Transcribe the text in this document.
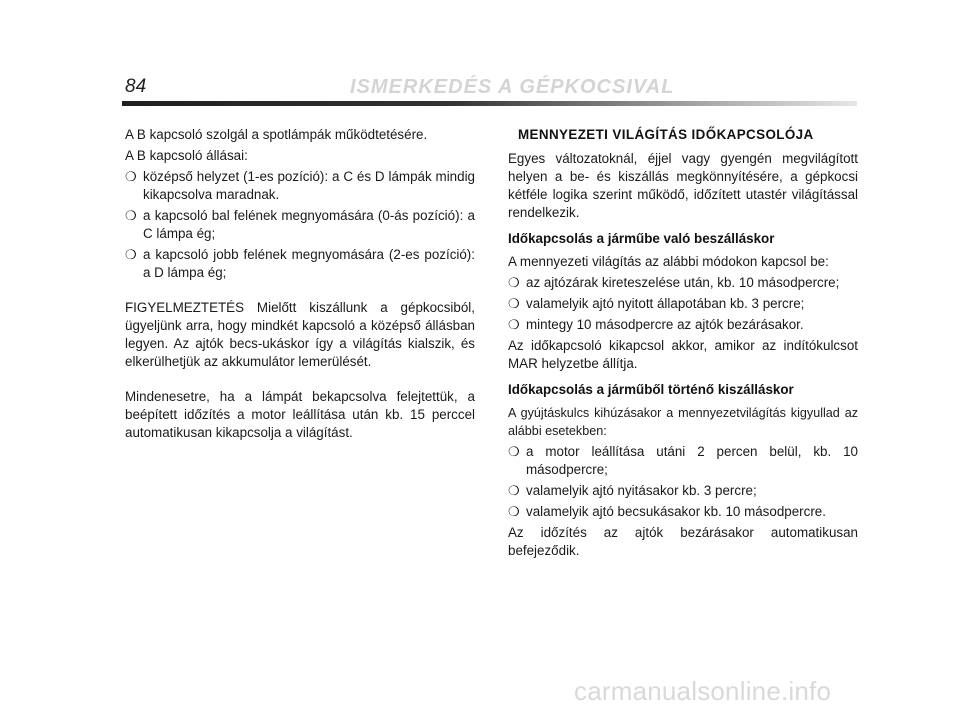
84	ISMERKEDÉS A GÉPKOCSIVAL

A B kapcsoló szolgál a spotlámpák működtetésére.

A B kapcsoló állásai:

❍ középső helyzet (1-es pozíció): a C és D lámpák mindig kikapcsolva maradnak.
❍ a kapcsoló bal felének megnyomására (0-ás pozíció): a C lámpa ég;
❍ a kapcsoló jobb felének megnyomására (2-es pozíció): a D lámpa ég;

FIGYELMEZTETÉS Mielőtt kiszállunk a gépkocsiból, ügyeljünk arra, hogy mindkét kapcsoló a középső állásban legyen. Az ajtók becs-ukáskor így a világítás kialszik, és elkerülhetjük az akkumulátor lemerülését.

Mindenesetre, ha a lámpát bekapcsolva felejtettük, a beépített időzítés a motor leállítása után kb. 15 perccel automatikusan kikapcsolja a világítást.

MENNYEZETI VILÁGÍTÁS IDŐKAPCSOLÓJA

Egyes változatoknál, éjjel vagy gyengén megvilágított helyen a be- és kiszállás megkönnyítésére, a gépkocsi kétféle logika szerint működő, időzített utastér világítással rendelkezik.

Időkapcsolás a járműbe való beszálláskor

A mennyezeti világítás az alábbi módokon kapcsol be:

❍ az ajtózárak kireteszelése után, kb. 10 másodpercre;
❍ valamelyik ajtó nyitott állapotában kb. 3 percre;
❍ mintegy 10 másodpercre az ajtók bezárásakor.

Az időkapcsoló kikapcsol akkor, amikor az indítókulcsot MAR helyzetbe állítja.

Időkapcsolás a járműből történő kiszálláskor

A gyújtáskulcs kihúzásakor a mennyezetvilágítás kigyullad az alábbi esetekben:

❍ a motor leállítása utáni 2 percen belül, kb. 10 másodpercre;
❍ valamelyik ajtó nyitásakor kb. 3 percre;
❍ valamelyik ajtó becsukásakor kb. 10 másodpercre.

Az időzítés az ajtók bezárásakor automatikusan befejeződik.

carmanualsonline.info
